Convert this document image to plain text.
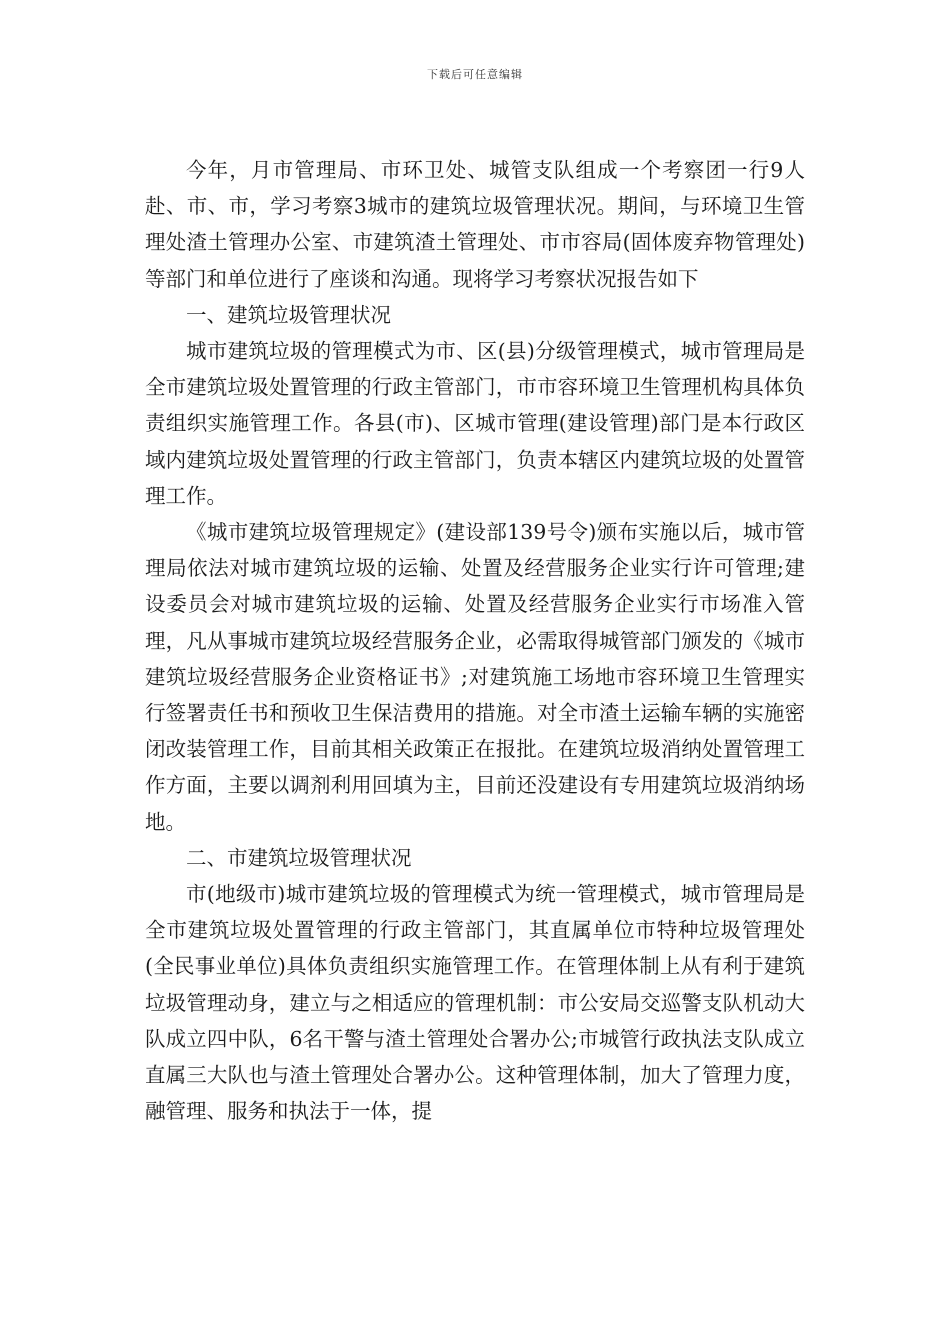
下载后可任意编辑

今年，月市管理局、市环卫处、城管支队组成一个考察团一行9人赴、市、市，学习考察3城市的建筑垃圾管理状况。期间，与环境卫生管理处渣土管理办公室、市建筑渣土管理处、市市容局(固体废弃物管理处)等部门和单位进行了座谈和沟通。现将学习考察状况报告如下

一、建筑垃圾管理状况

城市建筑垃圾的管理模式为市、区(县)分级管理模式，城市管理局是全市建筑垃圾处置管理的行政主管部门，市市容环境卫生管理机构具体负责组织实施管理工作。各县(市)、区城市管理(建设管理)部门是本行政区域内建筑垃圾处置管理的行政主管部门，负责本辖区内建筑垃圾的处置管理工作。

《城市建筑垃圾管理规定》(建设部139号令)颁布实施以后，城市管理局依法对城市建筑垃圾的运输、处置及经营服务企业实行许可管理;建设委员会对城市建筑垃圾的运输、处置及经营服务企业实行市场准入管理，凡从事城市建筑垃圾经营服务企业，必需取得城管部门颁发的《城市建筑垃圾经营服务企业资格证书》;对建筑施工场地市容环境卫生管理实行签署责任书和预收卫生保洁费用的措施。对全市渣土运输车辆的实施密闭改装管理工作，目前其相关政策正在报批。在建筑垃圾消纳处置管理工作方面，主要以调剂利用回填为主，目前还没建设有专用建筑垃圾消纳场地。

二、市建筑垃圾管理状况

市(地级市)城市建筑垃圾的管理模式为统一管理模式，城市管理局是全市建筑垃圾处置管理的行政主管部门，其直属单位市特种垃圾管理处(全民事业单位)具体负责组织实施管理工作。在管理体制上从有利于建筑垃圾管理动身，建立与之相适应的管理机制：市公安局交巡警支队机动大队成立四中队，6名干警与渣土管理处合署办公;市城管行政执法支队成立直属三大队也与渣土管理处合署办公。这种管理体制，加大了管理力度，融管理、服务和执法于一体，提
